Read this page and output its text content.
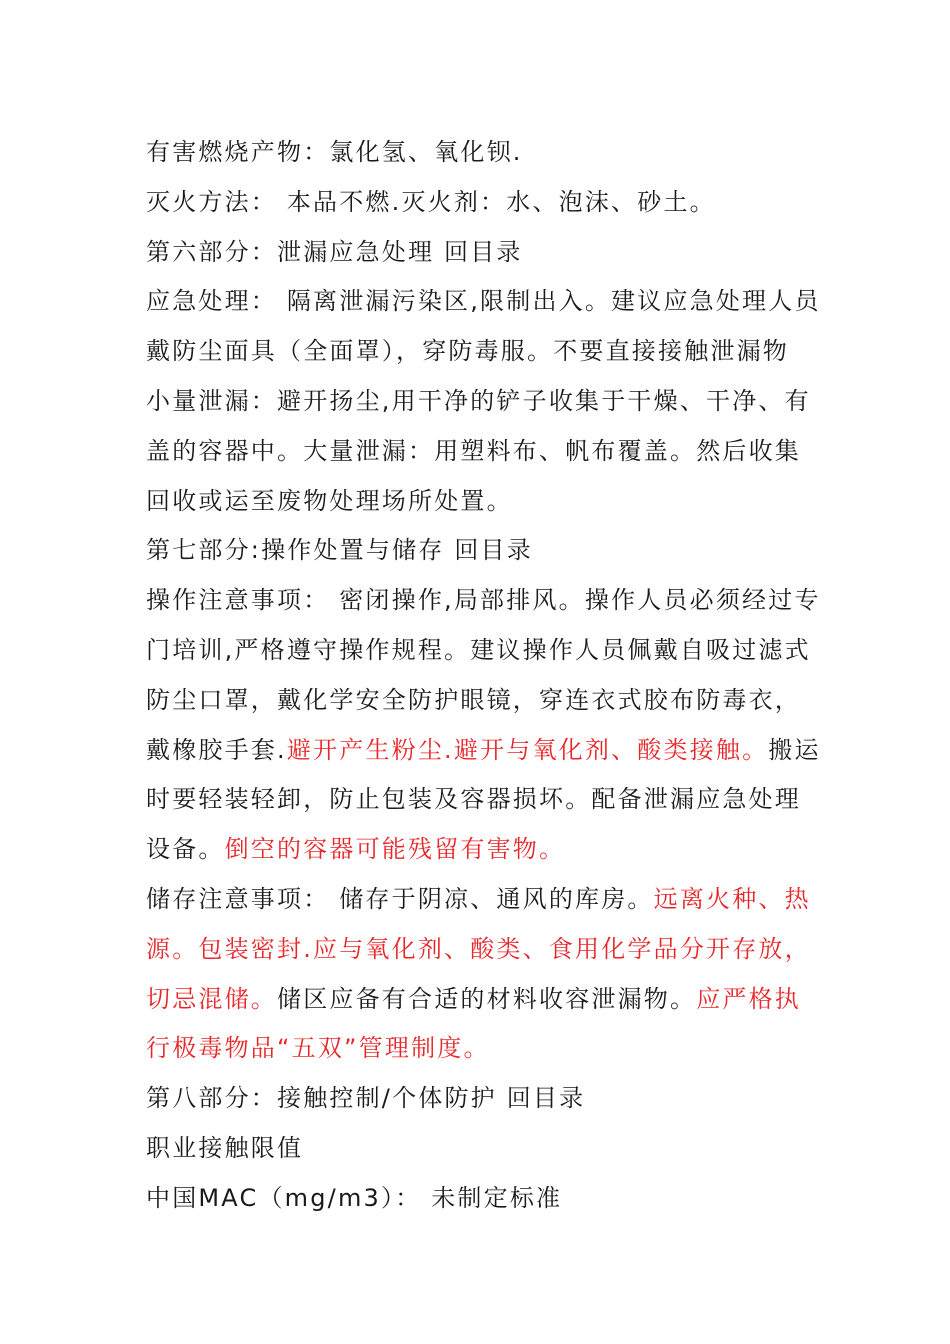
有害燃烧产物：氯化氢、氧化钡.
灭火方法： 本品不燃.灭火剂：水、泡沫、砂土。
第六部分：泄漏应急处理 回目录
应急处理： 隔离泄漏污染区,限制出入。建议应急处理人员
戴防尘面具（全面罩），穿防毒服。不要直接接触泄漏物
小量泄漏：避开扬尘,用干净的铲子收集于干燥、干净、有
盖的容器中。大量泄漏：用塑料布、帆布覆盖。然后收集
回收或运至废物处理场所处置。
第七部分:操作处置与储存 回目录
操作注意事项： 密闭操作,局部排风。操作人员必须经过专
门培训,严格遵守操作规程。建议操作人员佩戴自吸过滤式
防尘口罩，戴化学安全防护眼镜，穿连衣式胶布防毒衣，
戴橡胶手套.避开产生粉尘.避开与氧化剂、酸类接触。搬运
时要轻装轻卸，防止包装及容器损坏。配备泄漏应急处理
设备。倒空的容器可能残留有害物。
储存注意事项： 储存于阴凉、通风的库房。远离火种、热
源。包装密封.应与氧化剂、酸类、食用化学品分开存放，
切忌混储。储区应备有合适的材料收容泄漏物。应严格执
行极毒物品“五双”管理制度。
第八部分：接触控制/个体防护 回目录
职业接触限值
中国MAC（mg/m3）： 未制定标准
